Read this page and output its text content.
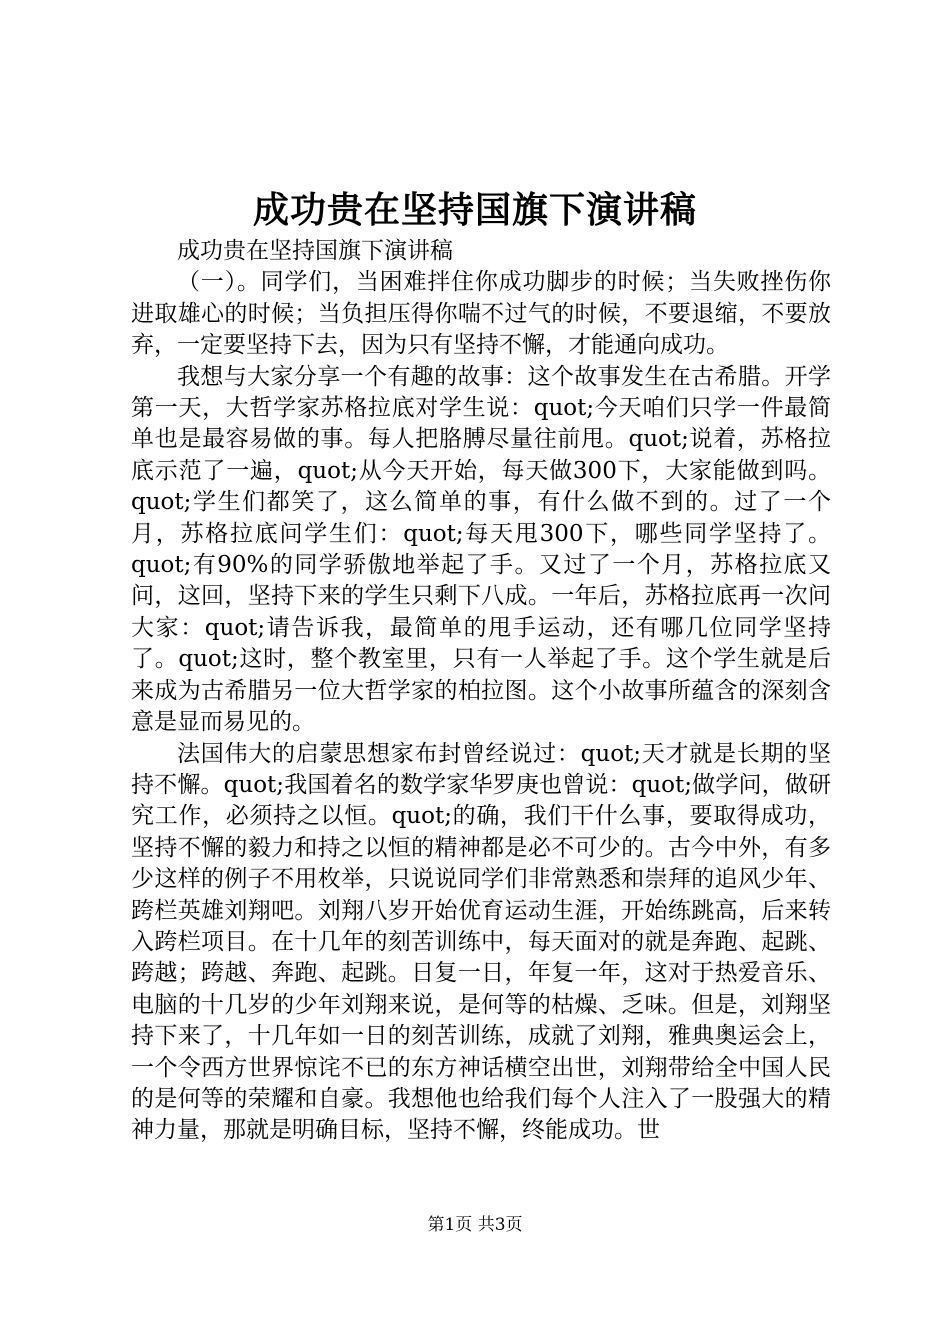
成功贵在坚持国旗下演讲稿

成功贵在坚持国旗下演讲稿

（一）。同学们，当困难拌住你成功脚步的时候；当失败挫伤你进取雄心的时候；当负担压得你喘不过气的时候，不要退缩，不要放弃，一定要坚持下去，因为只有坚持不懈，才能通向成功。

我想与大家分享一个有趣的故事：这个故事发生在古希腊。开学第一天，大哲学家苏格拉底对学生说：quot;今天咱们只学一件最简单也是最容易做的事。每人把胳膊尽量往前甩。quot;说着，苏格拉底示范了一遍，quot;从今天开始，每天做300下，大家能做到吗。quot;学生们都笑了，这么简单的事，有什么做不到的。过了一个月，苏格拉底问学生们：quot;每天甩300下，哪些同学坚持了。quot;有90%的同学骄傲地举起了手。又过了一个月，苏格拉底又问，这回，坚持下来的学生只剩下八成。一年后，苏格拉底再一次问大家：quot;请告诉我，最简单的甩手运动，还有哪几位同学坚持了。quot;这时，整个教室里，只有一人举起了手。这个学生就是后来成为古希腊另一位大哲学家的柏拉图。这个小故事所蕴含的深刻含意是显而易见的。

法国伟大的启蒙思想家布封曾经说过：quot;天才就是长期的坚持不懈。quot;我国着名的数学家华罗庚也曾说：quot;做学问，做研究工作，必须持之以恒。quot;的确，我们干什么事，要取得成功，坚持不懈的毅力和持之以恒的精神都是必不可少的。古今中外，有多少这样的例子不用枚举，只说说同学们非常熟悉和崇拜的追风少年、跨栏英雄刘翔吧。刘翔八岁开始优育运动生涯，开始练跳高，后来转入跨栏项目。在十几年的刻苦训练中，每天面对的就是奔跑、起跳、跨越；跨越、奔跑、起跳。日复一日，年复一年，这对于热爱音乐、电脑的十几岁的少年刘翔来说，是何等的枯燥、乏味。但是，刘翔坚持下来了，十几年如一日的刻苦训练，成就了刘翔，雅典奥运会上，一个令西方世界惊诧不已的东方神话横空出世，刘翔带给全中国人民的是何等的荣耀和自豪。我想他也给我们每个人注入了一股强大的精神力量，那就是明确目标，坚持不懈，终能成功。世

第1页 共3页
